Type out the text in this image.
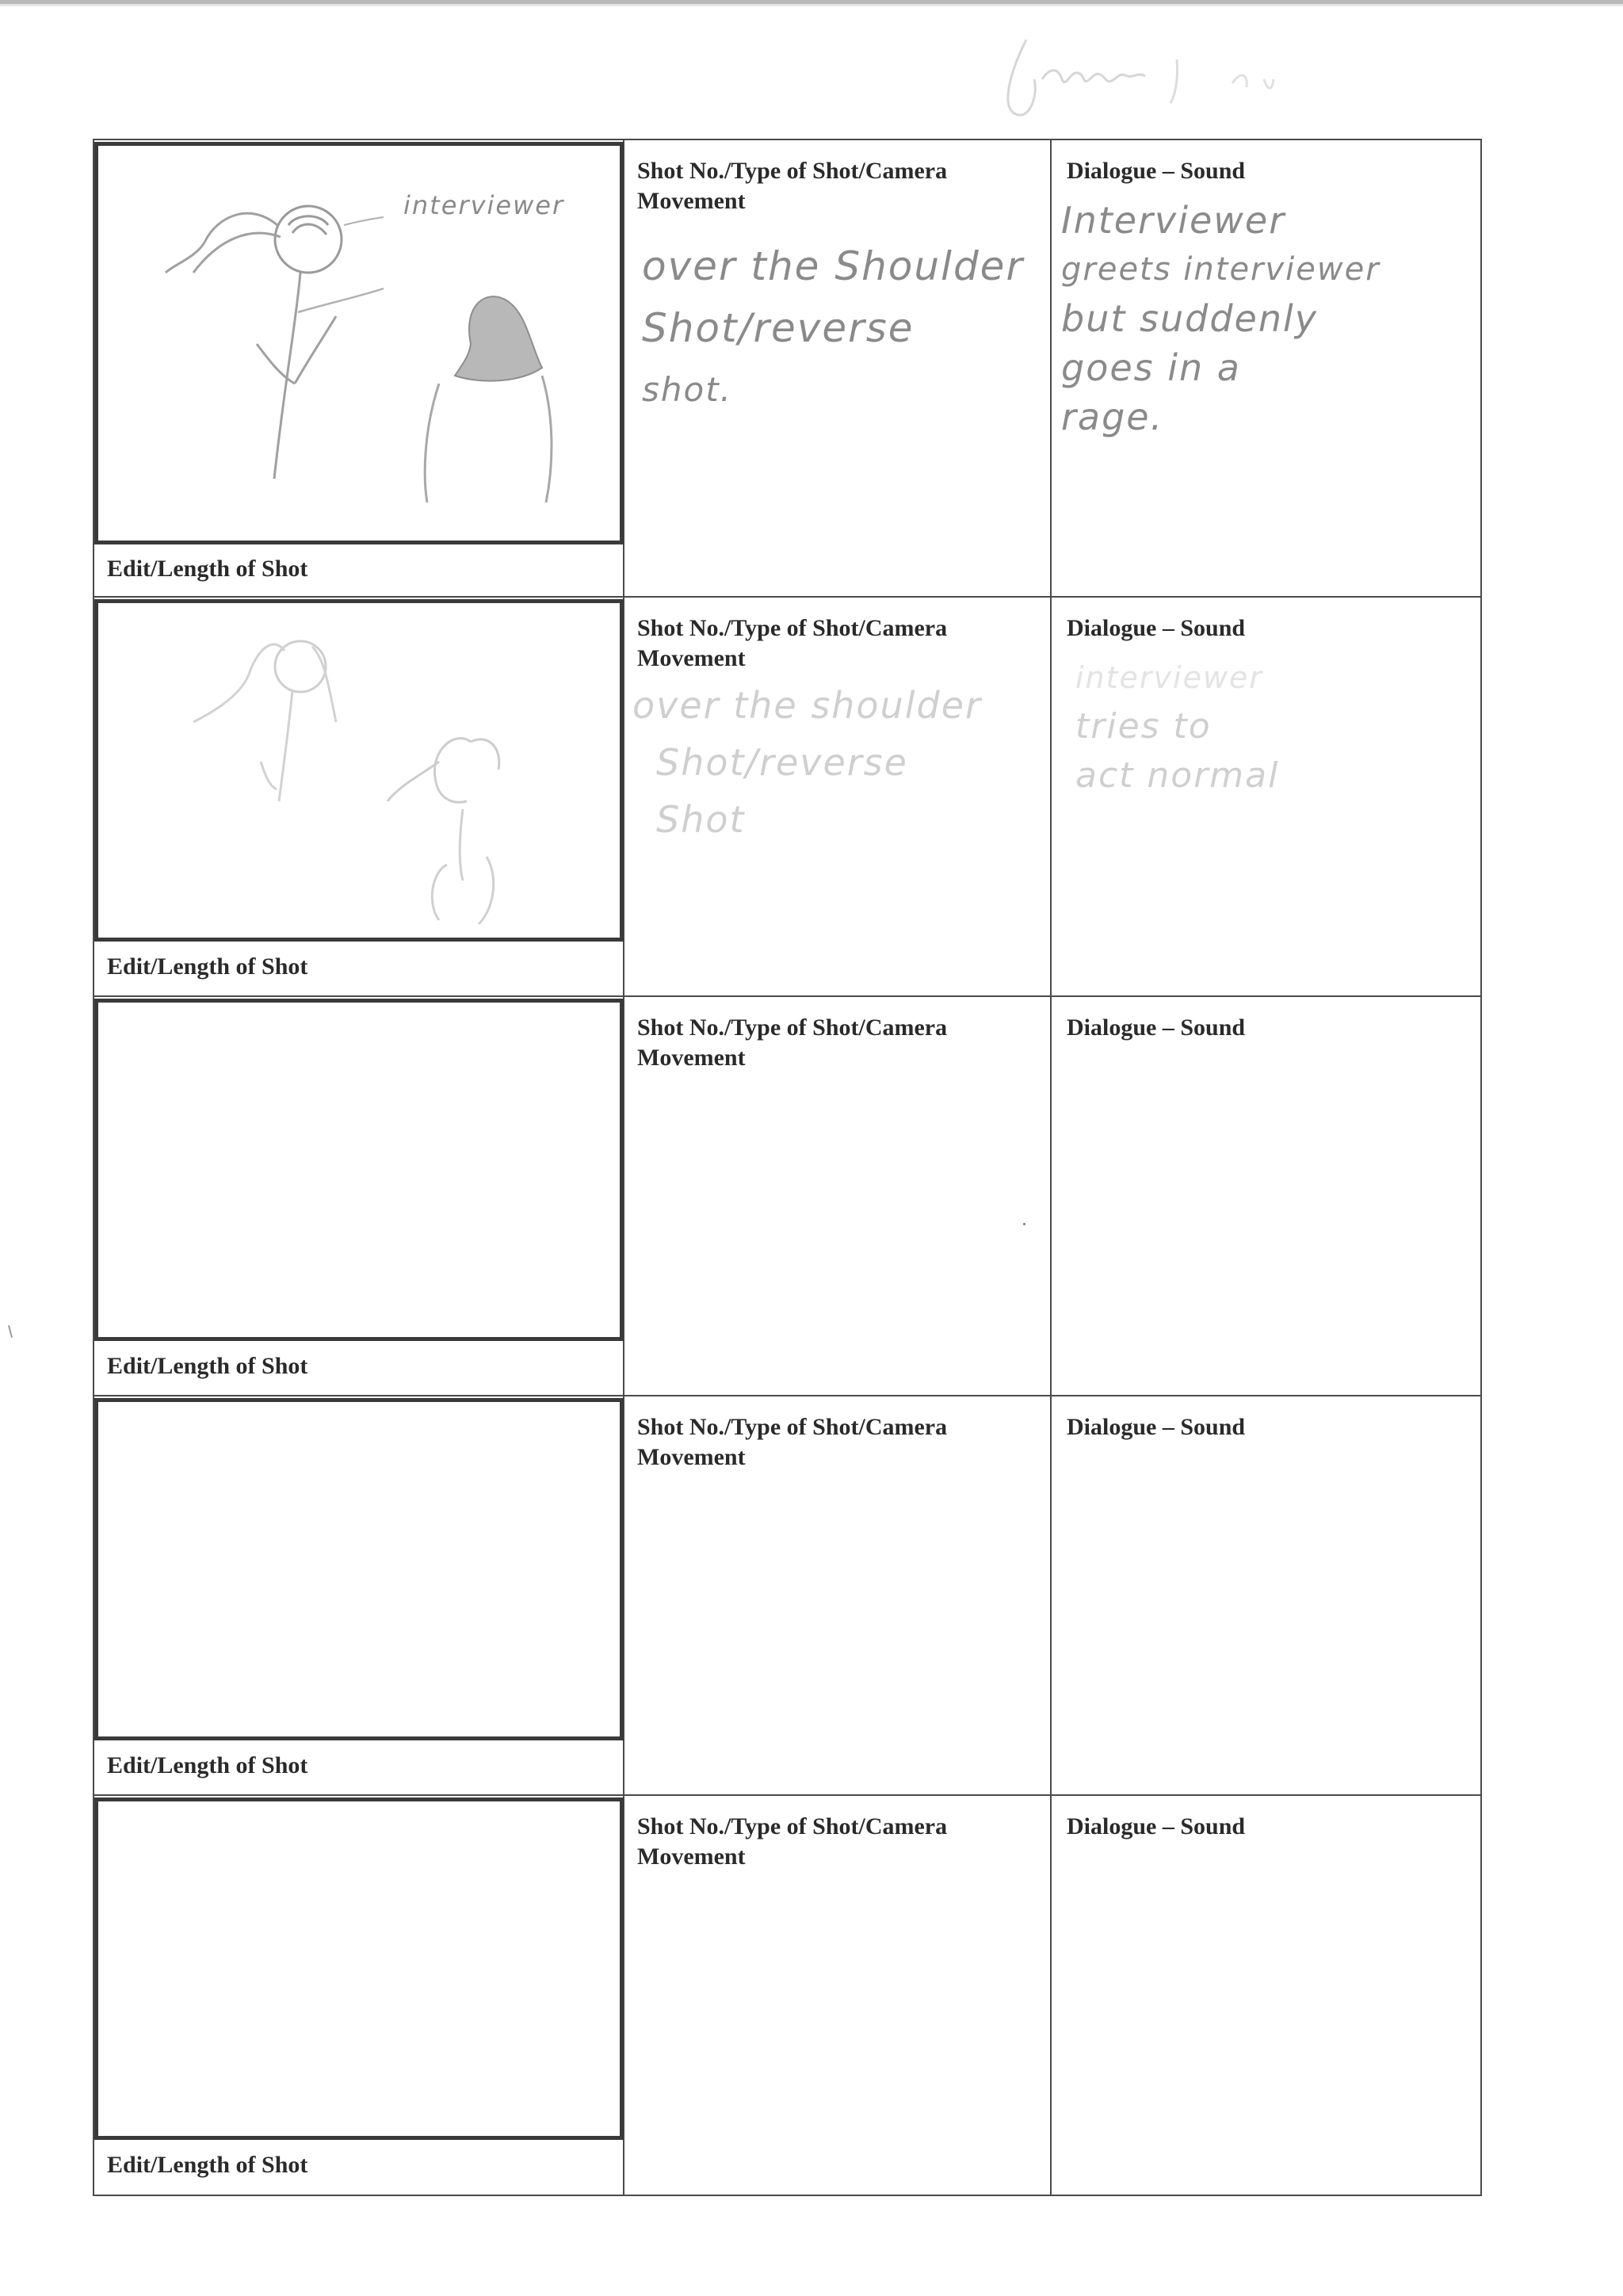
interviewer
Edit/Length of Shot
Shot No./Type of Shot/Camera
Movement
over the Shoulder
Shot/reverse
shot.
Dialogue – Sound
Interviewer
greets interviewer
but suddenly
goes in a
rage.
Edit/Length of Shot
Shot No./Type of Shot/Camera
Movement
over the shoulder
Shot/reverse
Shot
Dialogue – Sound
interviewer
tries to
act normal
Edit/Length of Shot
Shot No./Type of Shot/Camera
Movement
Dialogue – Sound
Edit/Length of Shot
Shot No./Type of Shot/Camera
Movement
Dialogue – Sound
Edit/Length of Shot
Shot No./Type of Shot/Camera
Movement
Dialogue – Sound
